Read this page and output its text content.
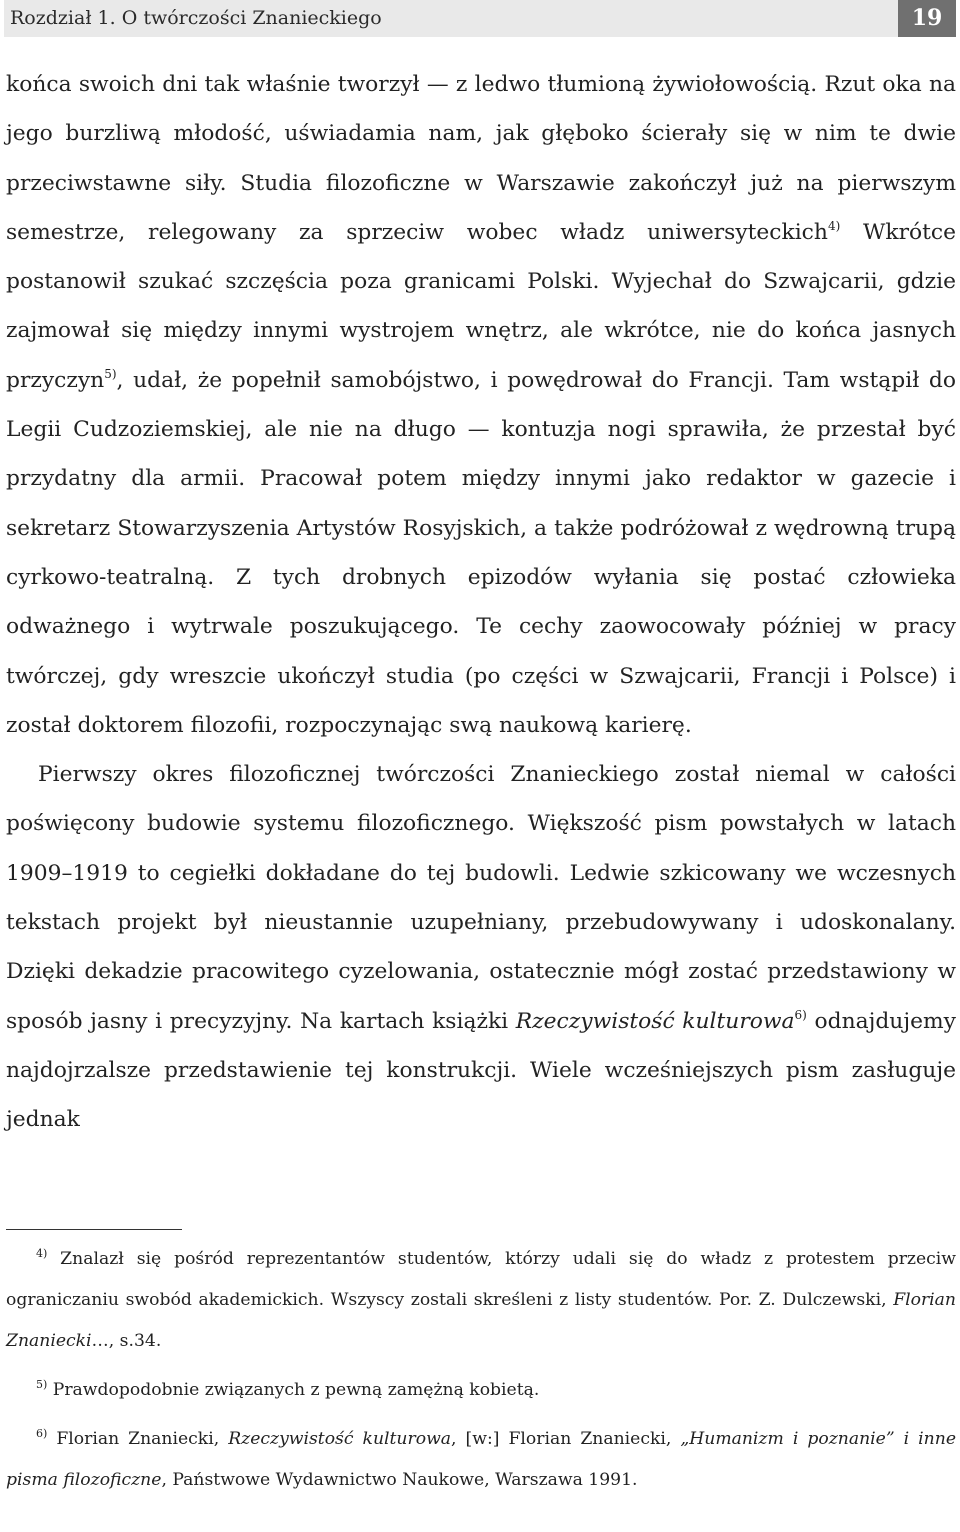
Rozdział 1. O twórczości Znanieckiego	19

końca swoich dni tak właśnie tworzył — z ledwo tłumioną żywiołowością. Rzut oka na jego burzliwą młodość, uświadamia nam, jak głęboko ścierały się w nim te dwie przeciwstawne siły. Studia filozoficzne w Warszawie zakończył już na pierwszym semestrze, relegowany za sprzeciw wobec władz uniwersyteckich$^{4)}$ Wkrótce postanowił szukać szczęścia poza granicami Polski. Wyjechał do Szwajcarii, gdzie zajmował się między innymi wystrojem wnętrz, ale wkrótce, nie do końca jasnych przyczyn$^{5)}$, udał, że popełnił samobójstwo, i powędrował do Francji. Tam wstąpił do Legii Cudzoziemskiej, ale nie na długo — kontuzja nogi sprawiła, że przestał być przydatny dla armii. Pracował potem między innymi jako redaktor w gazecie i sekretarz Stowarzyszenia Artystów Rosyjskich, a także podróżował z wędrowną trupą cyrkowo-teatralną. Z tych drobnych epizodów wyłania się postać człowieka odważnego i wytrwale poszukującego. Te cechy zaowocowały później w pracy twórczej, gdy wreszcie ukończył studia (po części w Szwajcarii, Francji i Polsce) i został doktorem filozofii, rozpoczynając swą naukową karierę.

Pierwszy okres filozoficznej twórczości Znanieckiego został niemal w całości poświęcony budowie systemu filozoficznego. Większość pism powstałych w latach 1909–1919 to cegiełki dokładane do tej budowli. Ledwie szkicowany we wczesnych tekstach projekt był nieustannie uzupełniany, przebudowywany i udoskonalany. Dzięki dekadzie pracowitego cyzelowania, ostatecznie mógł zostać przedstawiony w sposób jasny i precyzyjny. Na kartach książki Rzeczywistość kulturowa$^{6)}$ odnajdujemy najdojrzalsze przedstawienie tej konstrukcji. Wiele wcześniejszych pism zasługuje jednak

$^{4)}$ Znalazł się pośród reprezentantów studentów, którzy udali się do władz z protestem przeciw ograniczaniu swobód akademickich. Wszyscy zostali skreśleni z listy studentów. Por. Z. Dulczewski, Florian Znaniecki…, s.34.

$^{5)}$ Prawdopodobnie związanych z pewną zamężną kobietą.

$^{6)}$ Florian Znaniecki, Rzeczywistość kulturowa, [w:] Florian Znaniecki, „Humanizm i poznanie” i inne pisma filozoficzne, Państwowe Wydawnictwo Naukowe, Warszawa 1991.
